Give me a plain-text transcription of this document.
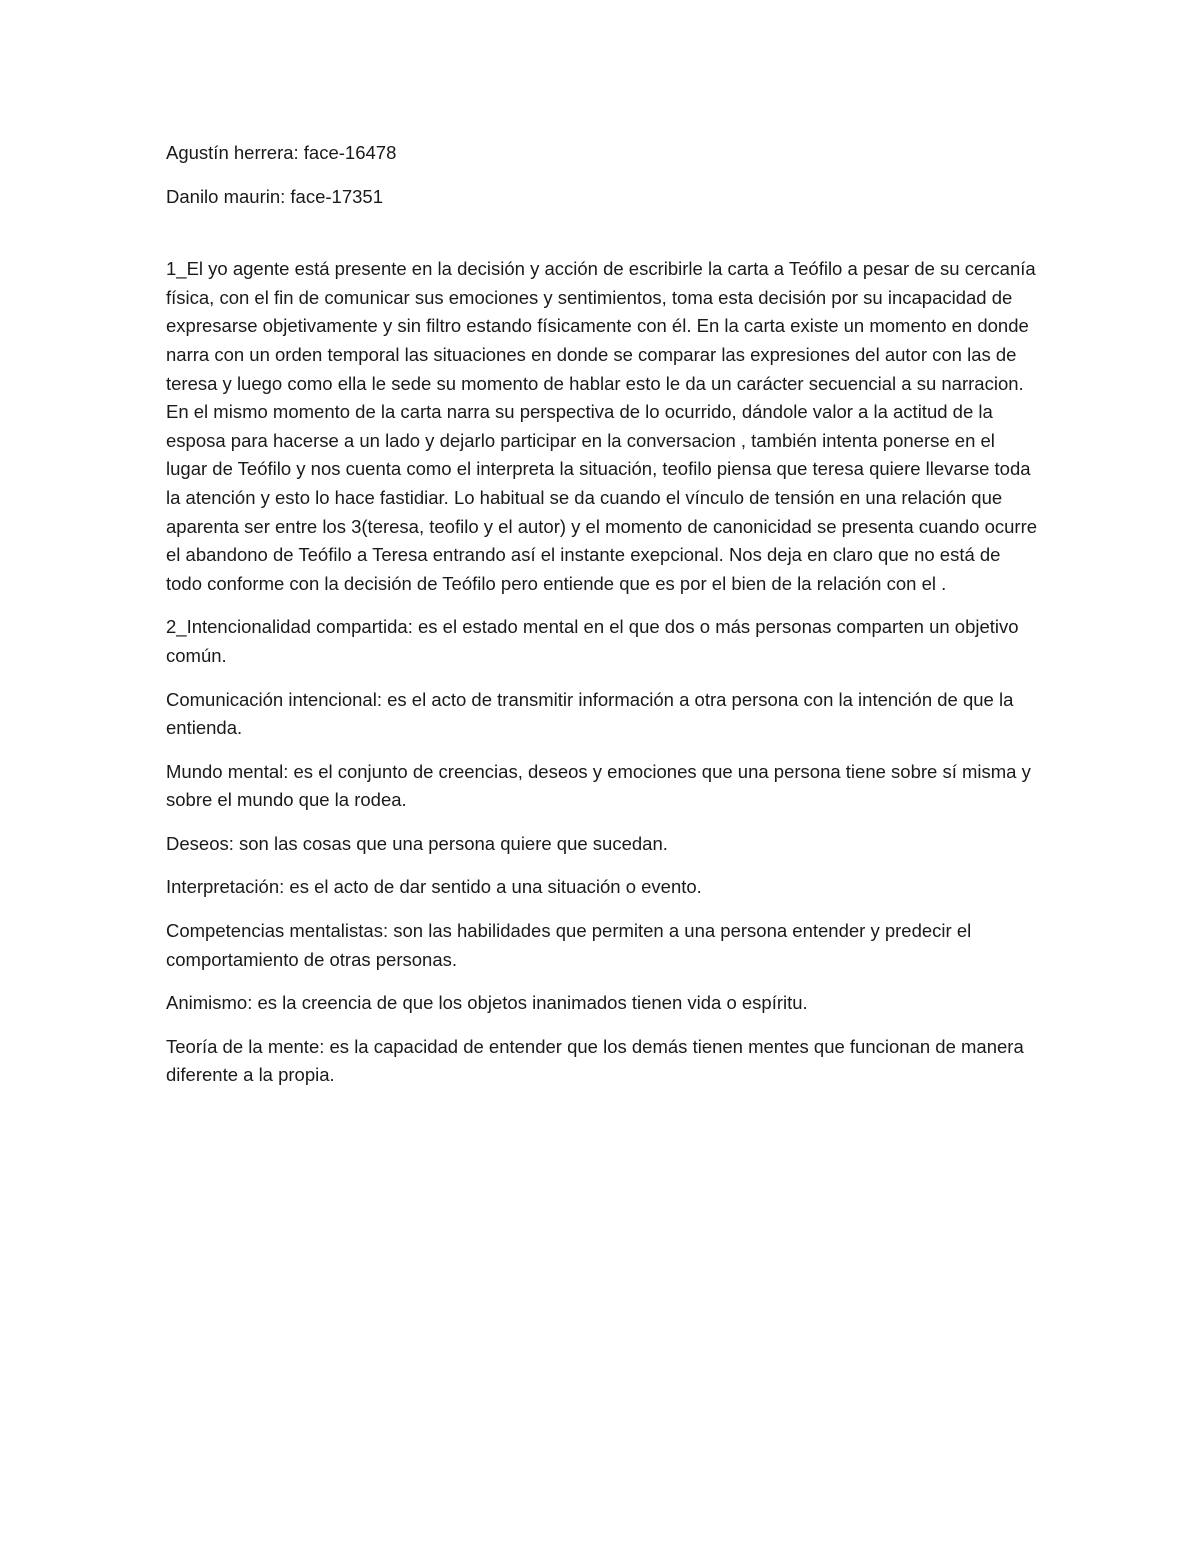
Agustín herrera: face-16478

Danilo maurin: face-17351

1_El yo agente está presente en la decisión y acción de escribirle la carta a Teófilo a pesar de su cercanía física, con el fin de comunicar sus emociones y sentimientos, toma esta decisión por su incapacidad de expresarse objetivamente y sin filtro estando físicamente con él. En la carta existe un momento en donde narra con un orden temporal las situaciones en donde se comparar las expresiones del autor con las de teresa y luego como ella le sede su momento de hablar esto le da un carácter secuencial a su narracion. En el mismo momento de la carta narra su perspectiva de lo ocurrido, dándole valor a la actitud de la esposa para hacerse a un lado y dejarlo participar en la conversacion , también intenta ponerse en el lugar de Teófilo y nos cuenta como el interpreta la situación, teofilo piensa que teresa quiere llevarse toda la atención y esto lo hace fastidiar. Lo habitual se da cuando el vínculo de tensión en una relación que aparenta ser entre los 3(teresa, teofilo y el autor) y el momento de canonicidad se presenta cuando ocurre el abandono de Teófilo a Teresa entrando así el instante exepcional. Nos deja en claro que no está de todo conforme con la decisión de Teófilo pero entiende que es por el bien de la relación con el .

2_Intencionalidad compartida: es el estado mental en el que dos o más personas comparten un objetivo común.

Comunicación intencional: es el acto de transmitir información a otra persona con la intención de que la entienda.

Mundo mental: es el conjunto de creencias, deseos y emociones que una persona tiene sobre sí misma y sobre el mundo que la rodea.

Deseos: son las cosas que una persona quiere que sucedan.

Interpretación: es el acto de dar sentido a una situación o evento.

Competencias mentalistas: son las habilidades que permiten a una persona entender y predecir el comportamiento de otras personas.

Animismo: es la creencia de que los objetos inanimados tienen vida o espíritu.

Teoría de la mente: es la capacidad de entender que los demás tienen mentes que funcionan de manera diferente a la propia.
